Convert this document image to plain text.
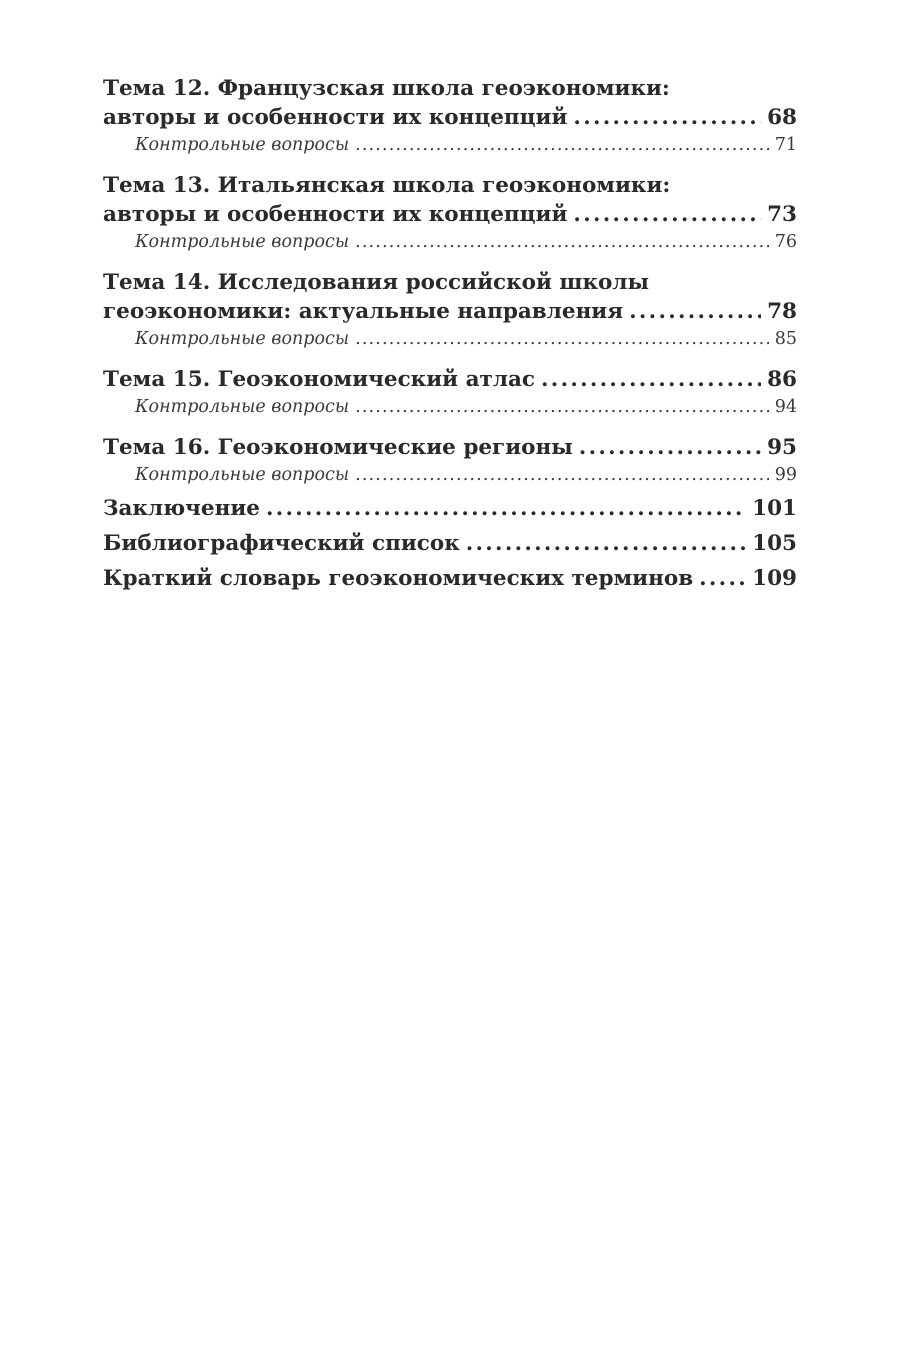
Тема 12. Французская школа геоэкономики:
авторы и особенности их концепций . . .	68
Контрольные вопросы . . .	71
Тема 13. Итальянская школа геоэкономики:
авторы и особенности их концепций . . .	73
Контрольные вопросы . . .	76
Тема 14. Исследования российской школы
геоэкономики: актуальные направления . . .	78
Контрольные вопросы . . .	85
Тема 15. Геоэкономический атлас . . .	86
Контрольные вопросы . . .	94
Тема 16. Геоэкономические регионы . . .	95
Контрольные вопросы . . .	99
Заключение . . .	101
Библиографический список . . .	105
Краткий словарь геоэкономических терминов . . .	109
